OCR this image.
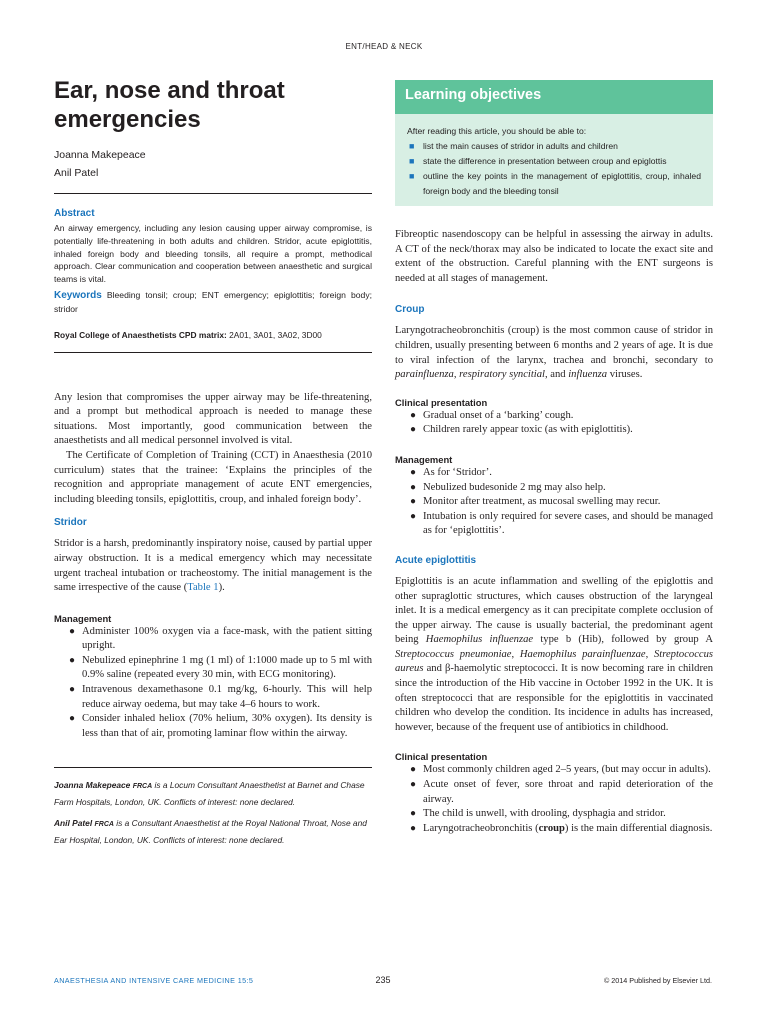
ENT/HEAD & NECK
Ear, nose and throat emergencies
Joanna Makepeace
Anil Patel
Abstract
An airway emergency, including any lesion causing upper airway compromise, is potentially life-threatening in both adults and children. Stridor, acute epiglottitis, inhaled foreign body and bleeding tonsils, all require a prompt, methodical approach. Clear communication and cooperation between anaesthetic and surgical teams is vital.
Keywords Bleeding tonsil; croup; ENT emergency; epiglottitis; foreign body; stridor
Royal College of Anaesthetists CPD matrix: 2A01, 3A01, 3A02, 3D00

Any lesion that compromises the upper airway may be life-threatening, and a prompt but methodical approach is needed to manage these situations. Most importantly, good communication between the anaesthetists and all medical personnel involved is vital.

The Certificate of Completion of Training (CCT) in Anaesthesia (2010 curriculum) states that the trainee: ‘Explains the principles of the recognition and appropriate management of acute ENT emergencies, including bleeding tonsils, epiglottitis, croup, and inhaled foreign body’.

Stridor

Stridor is a harsh, predominantly inspiratory noise, caused by partial upper airway obstruction. It is a medical emergency which may necessitate urgent tracheal intubation or tracheostomy. The initial management is the same irrespective of the cause (Table 1).

Management
● Administer 100% oxygen via a face-mask, with the patient sitting upright.
● Nebulized epinephrine 1 mg (1 ml) of 1:1000 made up to 5 ml with 0.9% saline (repeated every 30 min, with ECG monitoring).
● Intravenous dexamethasone 0.1 mg/kg, 6-hourly. This will help reduce airway oedema, but may take 4–6 hours to work.
● Consider inhaled heliox (70% helium, 30% oxygen). Its density is less than that of air, promoting laminar flow within the airway.
Joanna Makepeace FRCA is a Locum Consultant Anaesthetist at Barnet and Chase Farm Hospitals, London, UK. Conflicts of interest: none declared.
Anil Patel FRCA is a Consultant Anaesthetist at the Royal National Throat, Nose and Ear Hospital, London, UK. Conflicts of interest: none declared.
Learning objectives
After reading this article, you should be able to:
■ list the main causes of stridor in adults and children
■ state the difference in presentation between croup and epiglottis
■ outline the key points in the management of epiglottitis, croup, inhaled foreign body and the bleeding tonsil

Fibreoptic nasendoscopy can be helpful in assessing the airway in adults. A CT of the neck/thorax may also be indicated to locate the exact site and extent of the obstruction. Careful planning with the ENT surgeons is needed at all stages of management.

Croup

Laryngotracheobronchitis (croup) is the most common cause of stridor in children, usually presenting between 6 months and 2 years of age. It is due to viral infection of the larynx, trachea and bronchi, secondary to parainfluenza, respiratory syncitial, and influenza viruses.

Clinical presentation
● Gradual onset of a ‘barking’ cough.
● Children rarely appear toxic (as with epiglottitis).
Management
● As for ‘Stridor’.
● Nebulized budesonide 2 mg may also help.
● Monitor after treatment, as mucosal swelling may recur.
● Intubation is only required for severe cases, and should be managed as for ‘epiglottitis’.
Acute epiglottitis

Epiglottitis is an acute inflammation and swelling of the epiglottis and other supraglottic structures, which causes obstruction of the laryngeal inlet. It is a medical emergency as it can precipitate complete occlusion of the upper airway. The cause is usually bacterial, the predominant agent being Haemophilus influenzae type b (Hib), followed by group A Streptococcus pneumoniae, Haemophilus parainfluenzae, Streptococcus aureus and β-haemolytic streptococci. It is now becoming rare in children since the introduction of the Hib vaccine in October 1992 in the UK. It is often streptococci that are responsible for the epiglottitis in vaccinated children who develop the condition. Its incidence in adults has increased, however, because of the frequent use of antibiotics in childhood.

Clinical presentation
● Most commonly children aged 2–5 years, (but may occur in adults).
● Acute onset of fever, sore throat and rapid deterioration of the airway.
● The child is unwell, with drooling, dysphagia and stridor.
● Laryngotracheobronchitis (croup) is the main differential diagnosis.
ANAESTHESIA AND INTENSIVE CARE MEDICINE 15:5	235	© 2014 Published by Elsevier Ltd.
